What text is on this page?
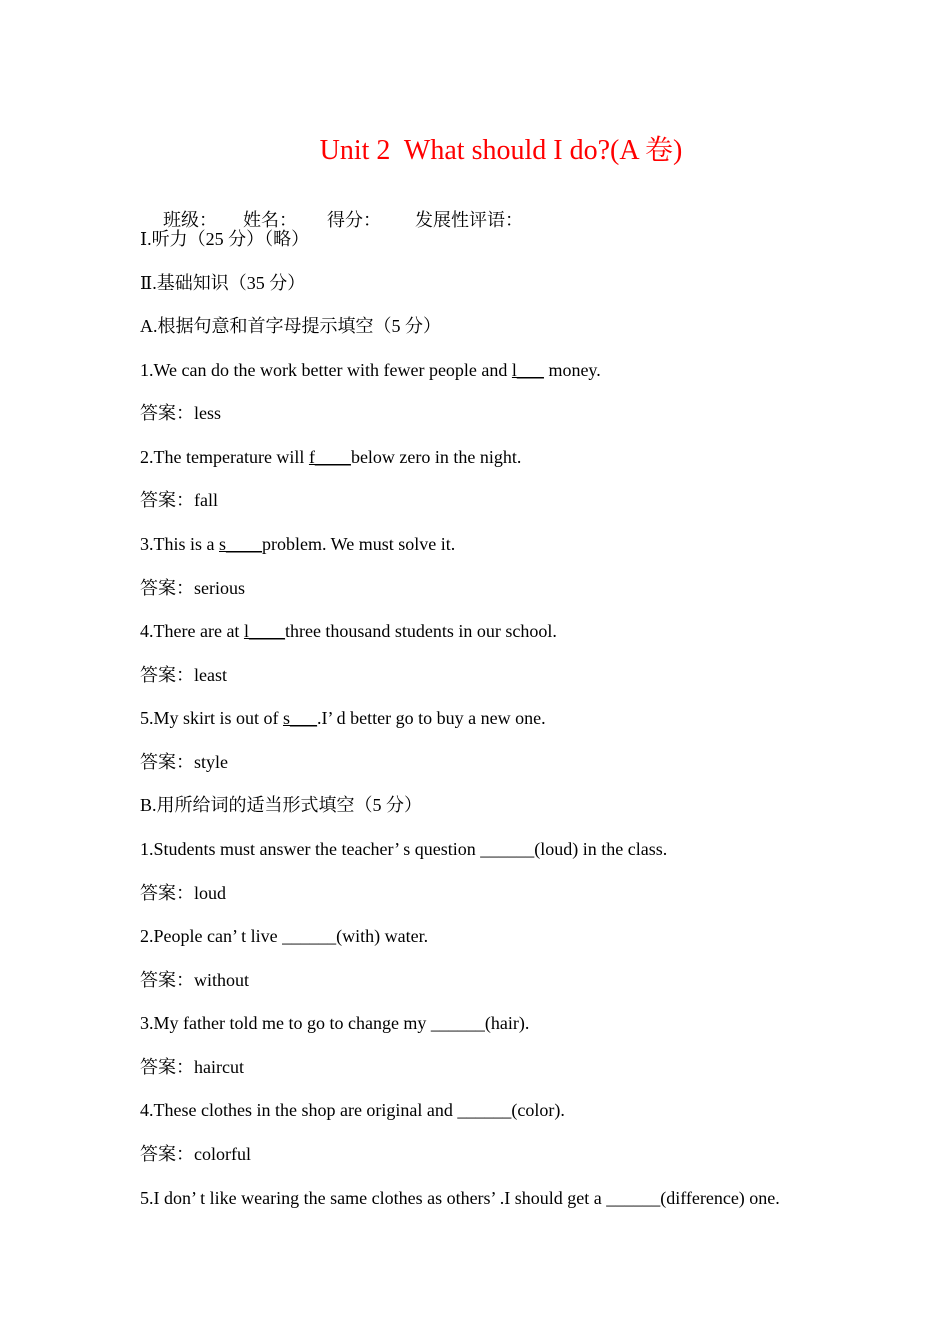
Unit 2  What should I do?(A 卷)

班级： 姓名： 得分： 发展性评语：

Ⅰ.听力（25 分）（略）
Ⅱ.基础知识（35 分）
A.根据句意和首字母提示填空（5 分）
1.We can do the work better with fewer people and l___ money.
答案：less
2.The temperature will f____below zero in the night.
答案：fall
3.This is a s____problem. We must solve it.
答案：serious
4.There are at l____three thousand students in our school.
答案：least
5.My skirt is out of s___.I’ d better go to buy a new one.
答案：style
B.用所给词的适当形式填空（5 分）
1.Students must answer the teacher’ s question ______(loud) in the class.
答案：loud
2.People can’ t live ______(with) water.
答案：without
3.My father told me to go to change my ______(hair).
答案：haircut
4.These clothes in the shop are original and ______(color).
答案：colorful
5.I don’ t like wearing the same clothes as others’ .I should get a ______(difference) one.
